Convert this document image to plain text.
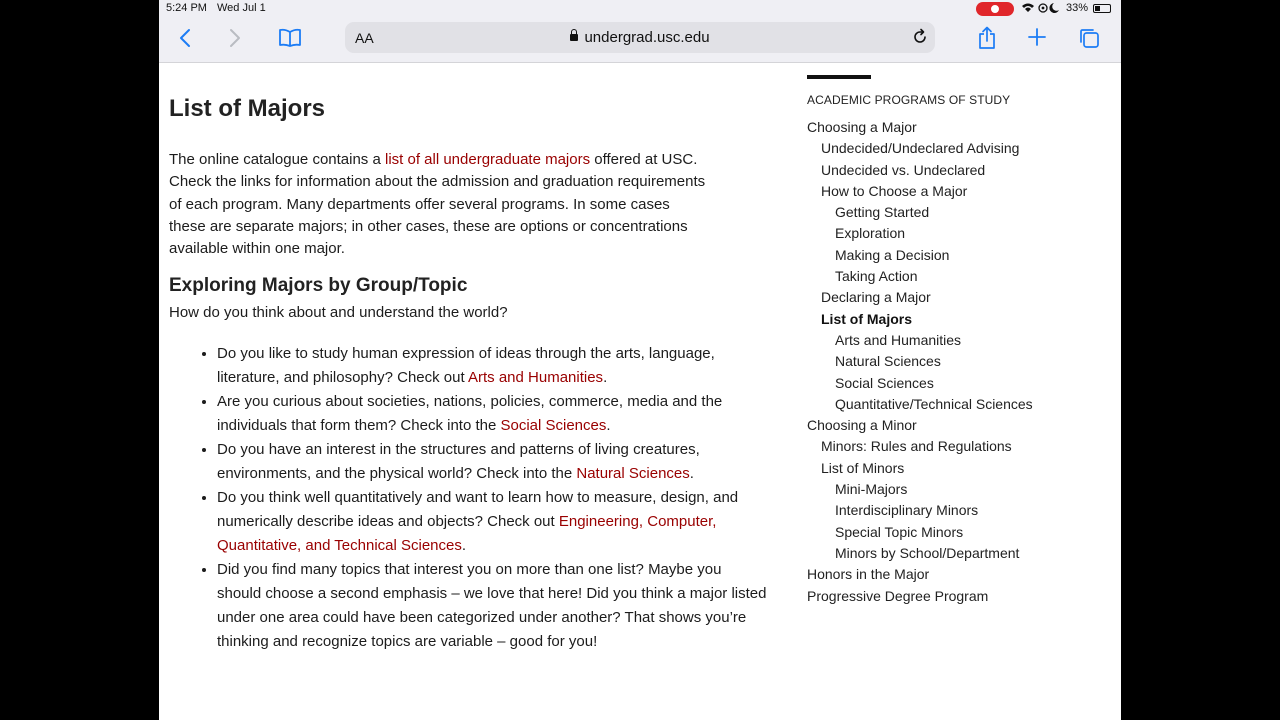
5:24 PM Wed Jul 1	33%
AA	undergrad.usc.edu
List of Majors

The online catalogue contains a list of all undergraduate majors offered at USC. Check the links for information about the admission and graduation requirements of each program. Many departments offer several programs. In some cases these are separate majors; in other cases, these are options or concentrations available within one major.

Exploring Majors by Group/Topic

How do you think about and understand the world?

• Do you like to study human expression of ideas through the arts, language, literature, and philosophy? Check out Arts and Humanities.
• Are you curious about societies, nations, policies, commerce, media and the individuals that form them? Check into the Social Sciences.
• Do you have an interest in the structures and patterns of living creatures, environments, and the physical world? Check into the Natural Sciences.
• Do you think well quantitatively and want to learn how to measure, design, and numerically describe ideas and objects? Check out Engineering, Computer, Quantitative, and Technical Sciences.
• Did you find many topics that interest you on more than one list? Maybe you should choose a second emphasis – we love that here! Did you think a major listed under one area could have been categorized under another? That shows you’re thinking and recognize topics are variable – good for you!
ACADEMIC PROGRAMS OF STUDY
Choosing a Major
Undecided/Undeclared Advising
Undecided vs. Undeclared
How to Choose a Major
Getting Started
Exploration
Making a Decision
Taking Action
Declaring a Major
List of Majors
Arts and Humanities
Natural Sciences
Social Sciences
Quantitative/Technical Sciences
Choosing a Minor
Minors: Rules and Regulations
List of Minors
Mini-Majors
Interdisciplinary Minors
Special Topic Minors
Minors by School/Department
Honors in the Major
Progressive Degree Program
